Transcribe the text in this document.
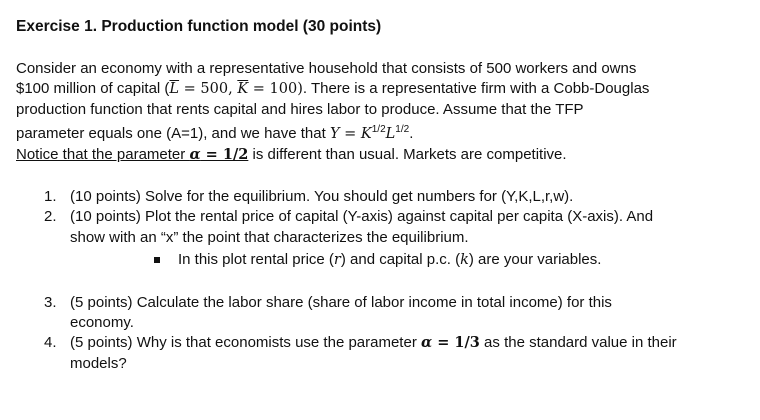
Exercise 1. Production function model (30 points)
Consider an economy with a representative household that consists of 500 workers and owns
$100 million of capital ($\overline{L} = 500$, $\overline{K} = 100$). There is a representative firm with a Cobb-Douglas
production function that rents capital and hires labor to produce. Assume that the TFP
parameter equals one (A=1), and we have that $Y = K^{1/2}L^{1/2}$.
Notice that the parameter α = 1/2 is different than usual. Markets are competitive.
1. (10 points) Solve for the equilibrium. You should get numbers for (Y,K,L,r,w).
2. (10 points) Plot the rental price of capital (Y-axis) against capital per capita (X-axis). And
show with an “x” the point that characterizes the equilibrium.
In this plot rental price (r) and capital p.c. (k) are your variables.
3. (5 points) Calculate the labor share (share of labor income in total income) for this
economy.
4. (5 points) Why is that economists use the parameter α = 1/3 as the standard value in their
models?
